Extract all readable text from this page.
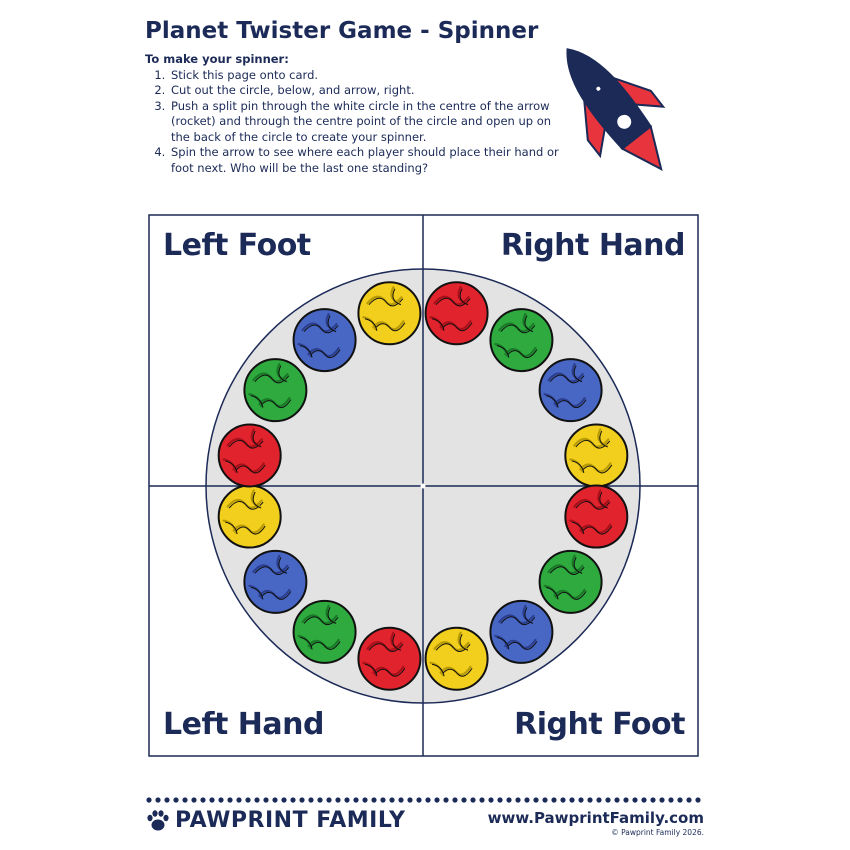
Planet Twister Game - Spinner
To make your spinner:
1. Stick this page onto card.
2. Cut out the circle, below, and arrow, right.
3. Push a split pin through the white circle in the centre of the arrow (rocket) and through the centre point of the circle and open up on the back of the circle to create your spinner.
4. Spin the arrow to see where each player should place their hand or foot next. Who will be the last one standing?
Left Foot	Right Hand
Left Hand	Right Foot
PAWPRINT FAMILY	www.PawprintFamily.com
© Pawprint Family 2026.
